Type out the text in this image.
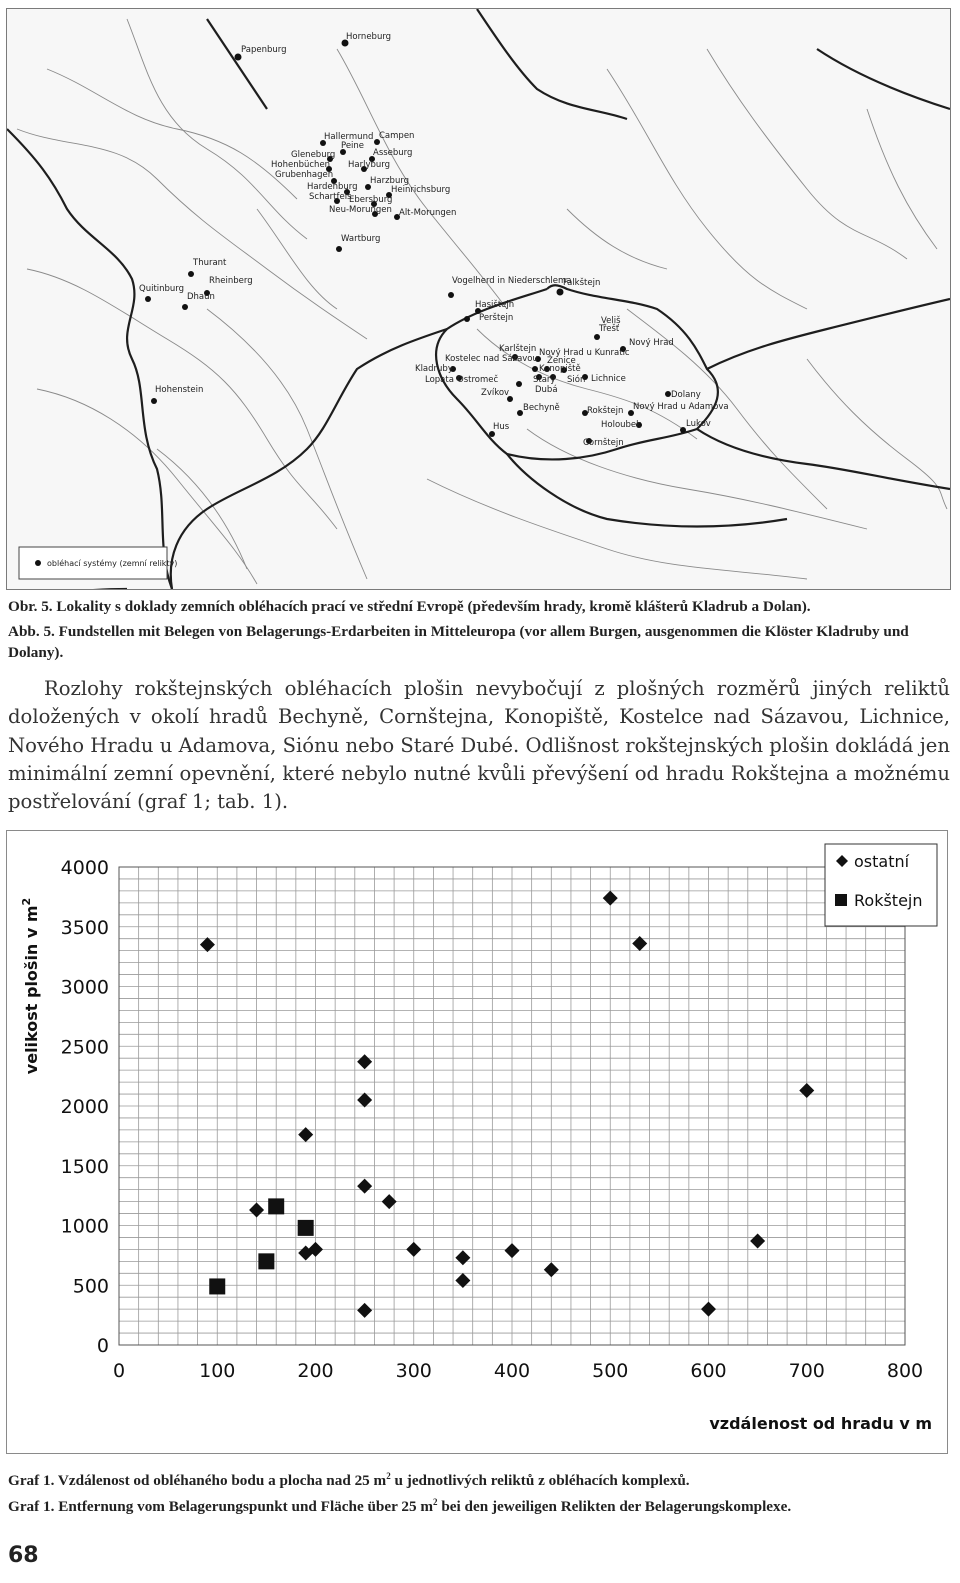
Papenburg
Horneburg
Hallermund Campen
Peine
Asseburg
Gleneburg
Hohenbüchen Harlyburg
Grubenhagen
Harzburg
Hardenburg	Heinrichsburg
Schartfels
Ebersburg
Neu-Morungen Alt-Morungen
Wartburg
Thurant
Rheinberg
Quitinburg
Dhaun
Hohenstein
Vogelherd in Niederschlema
Falkštejn
Hasištejn
Perštejn	Veliš
Třešť
Nový Hrad
Karlštejn Nový Hrad u Kunratic
Kostelec nad Sázavou Ženice
Konopiště
Kladruby
Lopata Ostromeč	Sión Lichnice
Starý
Dubá
Zvíkov
Bechyně
Hus
Dolany
Rokštejn Nový Hrad u Adamova
Holoubek	Lukov
Cornštejn
obléhací systémy (zemní relikty)
Obr. 5. Lokality s doklady zemních obléhacích prací ve střední Evropě (především hrady, kromě klášterů Kladrub a Dolan).
Abb. 5. Fundstellen mit Belegen von Belagerungs-Erdarbeiten in Mitteleuropa (vor allem Burgen, ausgenommen die Klöster Kladruby und Dolany).
Rozlohy rokštejnských obléhacích plošin nevybočují z plošných rozměrů jiných reliktů doložených v okolí hradů Bechyně, Cornštejna, Konopiště, Kostelce nad Sázavou, Lichnice, Nového Hradu u Adamova, Siónu nebo Staré Dubé. Odlišnost rokštejnských plošin dokládá jen minimální zemní opevnění, které nebylo nutné kvůli převýšení od hradu Rokštejna a možnému postřelování (graf 1; tab. 1).
0	100	200	300	400	500	600	700	800
0
500
1000
1500
2000
2500
3000
3500
4000
velikost plošin v $m^2$
vzdálenost od hradu v m
ostatní
Rokštejn
Graf 1. Vzdálenost od obléhaného bodu a plocha nad 25 $m^2$ u jednotlivých reliktů z obléhacích komplexů.
Graf 1. Entfernung vom Belagerungspunkt und Fläche über 25 $m^2$ bei den jeweiligen Relikten der Belagerungskomplexe.
68
